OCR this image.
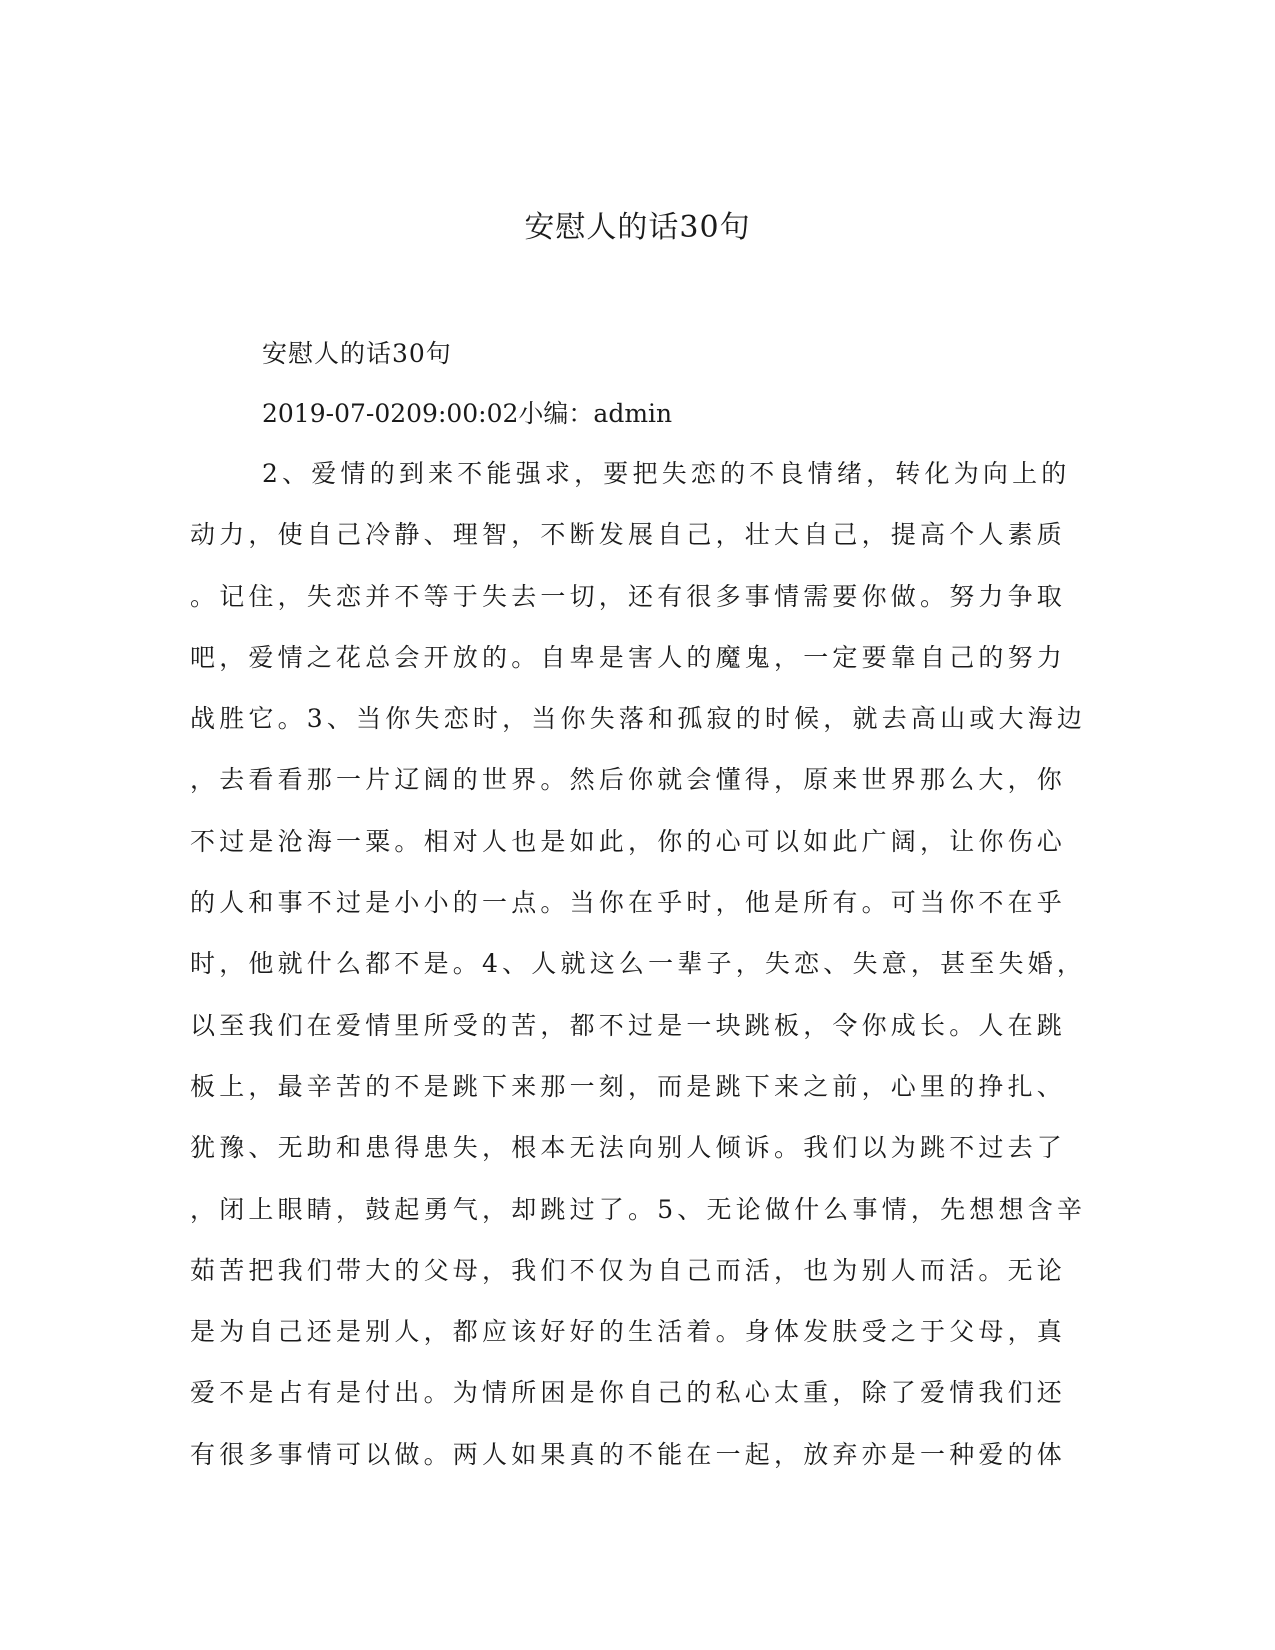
安慰人的话30句

安慰人的话30句

2019-07-0209:00:02小编：admin

2、爱情的到来不能强求，要把失恋的不良情绪，转化为向上的
动力，使自己冷静、理智，不断发展自己，壮大自己，提高个人素质
。记住，失恋并不等于失去一切，还有很多事情需要你做。努力争取
吧，爱情之花总会开放的。自卑是害人的魔鬼，一定要靠自己的努力
战胜它。3、当你失恋时，当你失落和孤寂的时候，就去高山或大海边
，去看看那一片辽阔的世界。然后你就会懂得，原来世界那么大，你
不过是沧海一粟。相对人也是如此，你的心可以如此广阔，让你伤心
的人和事不过是小小的一点。当你在乎时，他是所有。可当你不在乎
时，他就什么都不是。4、人就这么一辈子，失恋、失意，甚至失婚，
以至我们在爱情里所受的苦，都不过是一块跳板，令你成长。人在跳
板上，最辛苦的不是跳下来那一刻，而是跳下来之前，心里的挣扎、
犹豫、无助和患得患失，根本无法向别人倾诉。我们以为跳不过去了
，闭上眼睛，鼓起勇气，却跳过了。5、无论做什么事情，先想想含辛
茹苦把我们带大的父母，我们不仅为自己而活，也为别人而活。无论
是为自己还是别人，都应该好好的生活着。身体发肤受之于父母，真
爱不是占有是付出。为情所困是你自己的私心太重，除了爱情我们还
有很多事情可以做。两人如果真的不能在一起，放弃亦是一种爱的体
